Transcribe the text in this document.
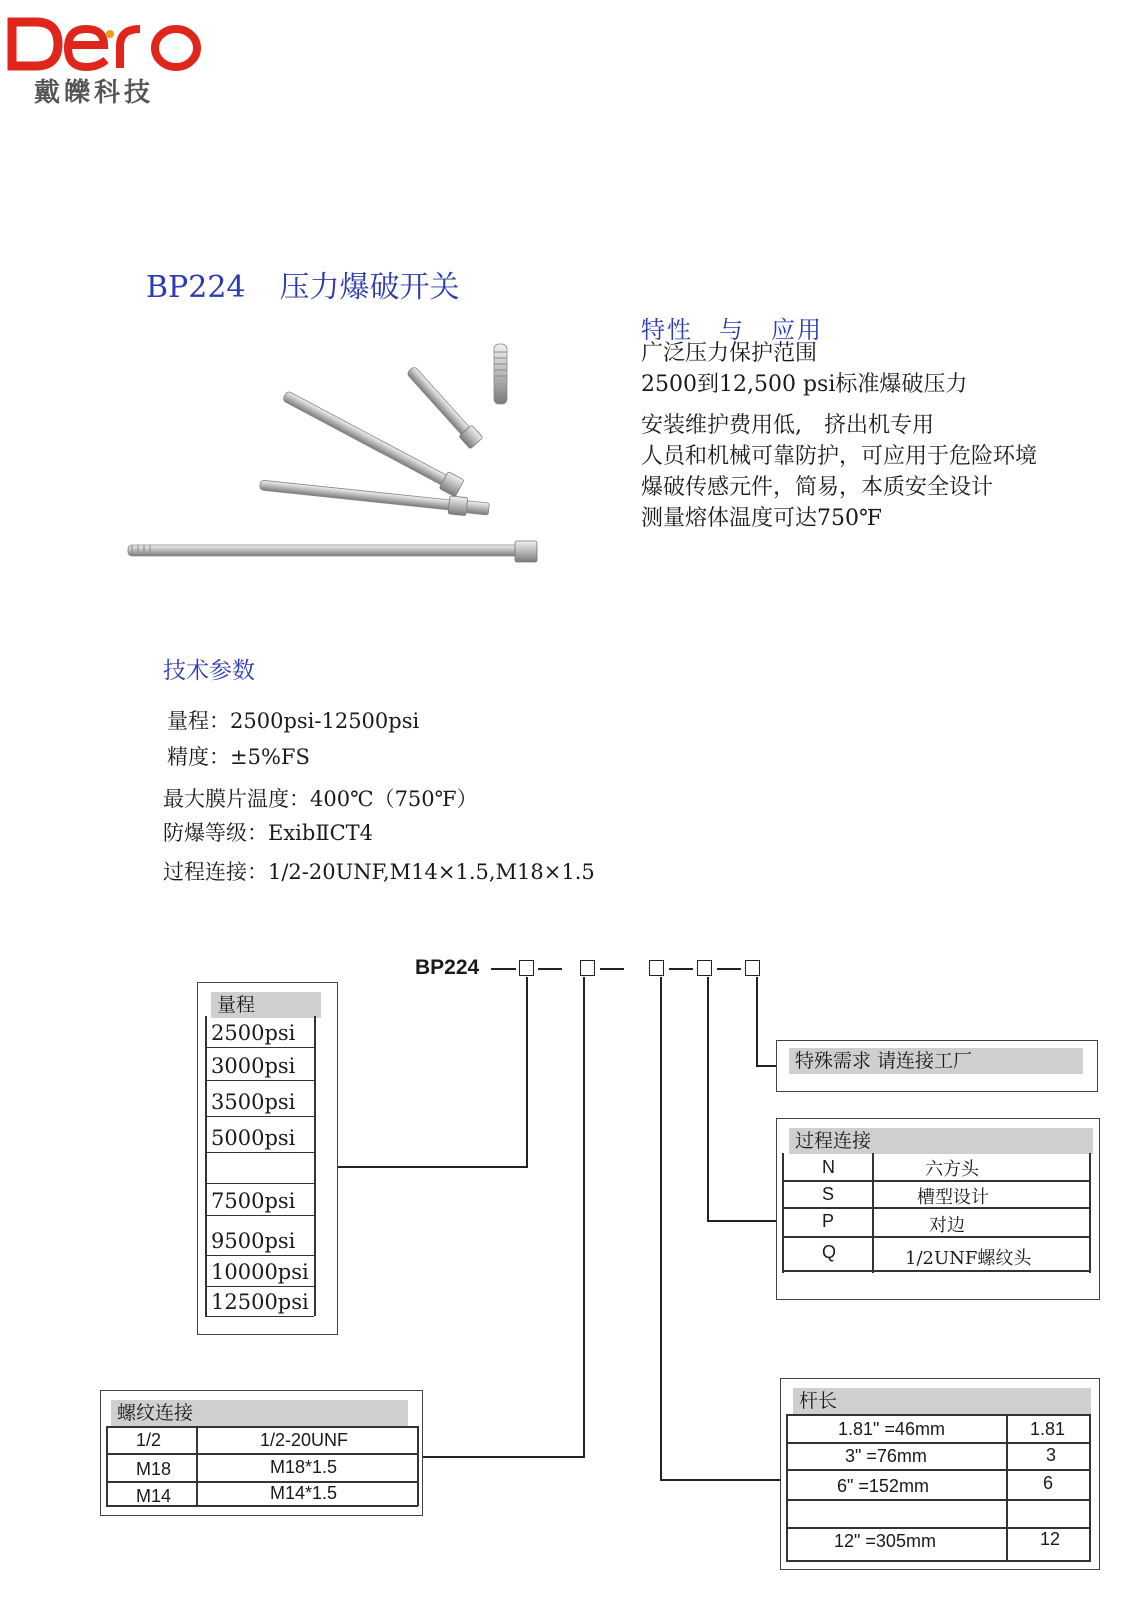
戴皪科技
BP224 压力爆破开关
特性　与　应用
广泛压力保护范围
2500到12,500 psi标准爆破压力
安装维护费用低,　挤出机专用
人员和机械可靠防护，可应用于危险环境
爆破传感元件，简易，本质安全设计
测量熔体温度可达750℉
技术参数
量程：2500psi-12500psi
精度：±5%FS
最大膜片温度：400℃（750℉）
防爆等级：ExibⅡCT4
过程连接：1/2-20UNF,M14×1.5,M18×1.5
BP224
量程
2500psi
3000psi
3500psi
5000psi
7500psi
9500psi
10000psi
12500psi
特殊需求 请连接工厂
过程连接
N	六方头
S	槽型设计
P	对边
Q	1/2UNF螺纹头
螺纹连接
1/2	1/2-20UNF
M18	M18*1.5
M14	M14*1.5
杆长
1.81" =46mm	1.81
3" =76mm	3
6" =152mm	6
12" =305mm	12
